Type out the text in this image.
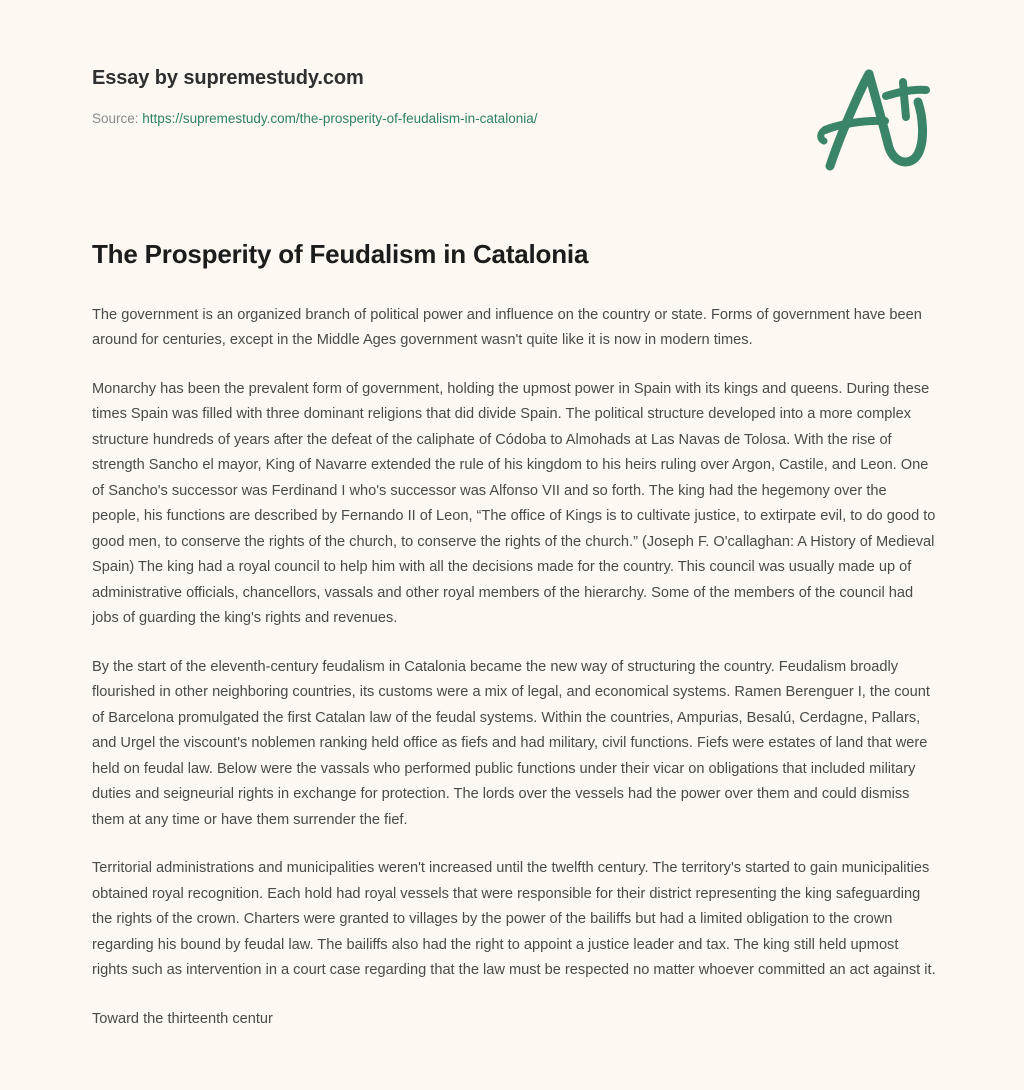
Essay by supremestudy.com
Source: https://supremestudy.com/the-prosperity-of-feudalism-in-catalonia/
The Prosperity of Feudalism in Catalonia

The government is an organized branch of political power and influence on the country or state. Forms of government have been around for centuries, except in the Middle Ages government wasn't quite like it is now in modern times.

Monarchy has been the prevalent form of government, holding the upmost power in Spain with its kings and queens. During these times Spain was filled with three dominant religions that did divide Spain. The political structure developed into a more complex structure hundreds of years after the defeat of the caliphate of Códoba to Almohads at Las Navas de Tolosa. With the rise of strength Sancho el mayor, King of Navarre extended the rule of his kingdom to his heirs ruling over Argon, Castile, and Leon. One of Sancho's successor was Ferdinand I who's successor was Alfonso VII and so forth. The king had the hegemony over the people, his functions are described by Fernando II of Leon, “The office of Kings is to cultivate justice, to extirpate evil, to do good to good men, to conserve the rights of the church, to conserve the rights of the church.” (Joseph F. O'callaghan: A History of Medieval Spain) The king had a royal council to help him with all the decisions made for the country. This council was usually made up of administrative officials, chancellors, vassals and other royal members of the hierarchy. Some of the members of the council had jobs of guarding the king's rights and revenues.

By the start of the eleventh-century feudalism in Catalonia became the new way of structuring the country. Feudalism broadly flourished in other neighboring countries, its customs were a mix of legal, and economical systems. Ramen Berenguer I, the count of Barcelona promulgated the first Catalan law of the feudal systems. Within the countries, Ampurias, Besalú, Cerdagne, Pallars, and Urgel the viscount's noblemen ranking held office as fiefs and had military, civil functions. Fiefs were estates of land that were held on feudal law. Below were the vassals who performed public functions under their vicar on obligations that included military duties and seigneurial rights in exchange for protection. The lords over the vessels had the power over them and could dismiss them at any time or have them surrender the fief.

Territorial administrations and municipalities weren't increased until the twelfth century. The territory's started to gain municipalities obtained royal recognition. Each hold had royal vessels that were responsible for their district representing the king safeguarding the rights of the crown. Charters were granted to villages by the power of the bailiffs but had a limited obligation to the crown regarding his bound by feudal law. The bailiffs also had the right to appoint a justice leader and tax. The king still held upmost rights such as intervention in a court case regarding that the law must be respected no matter whoever committed an act against it.

Toward the thirteenth centur
